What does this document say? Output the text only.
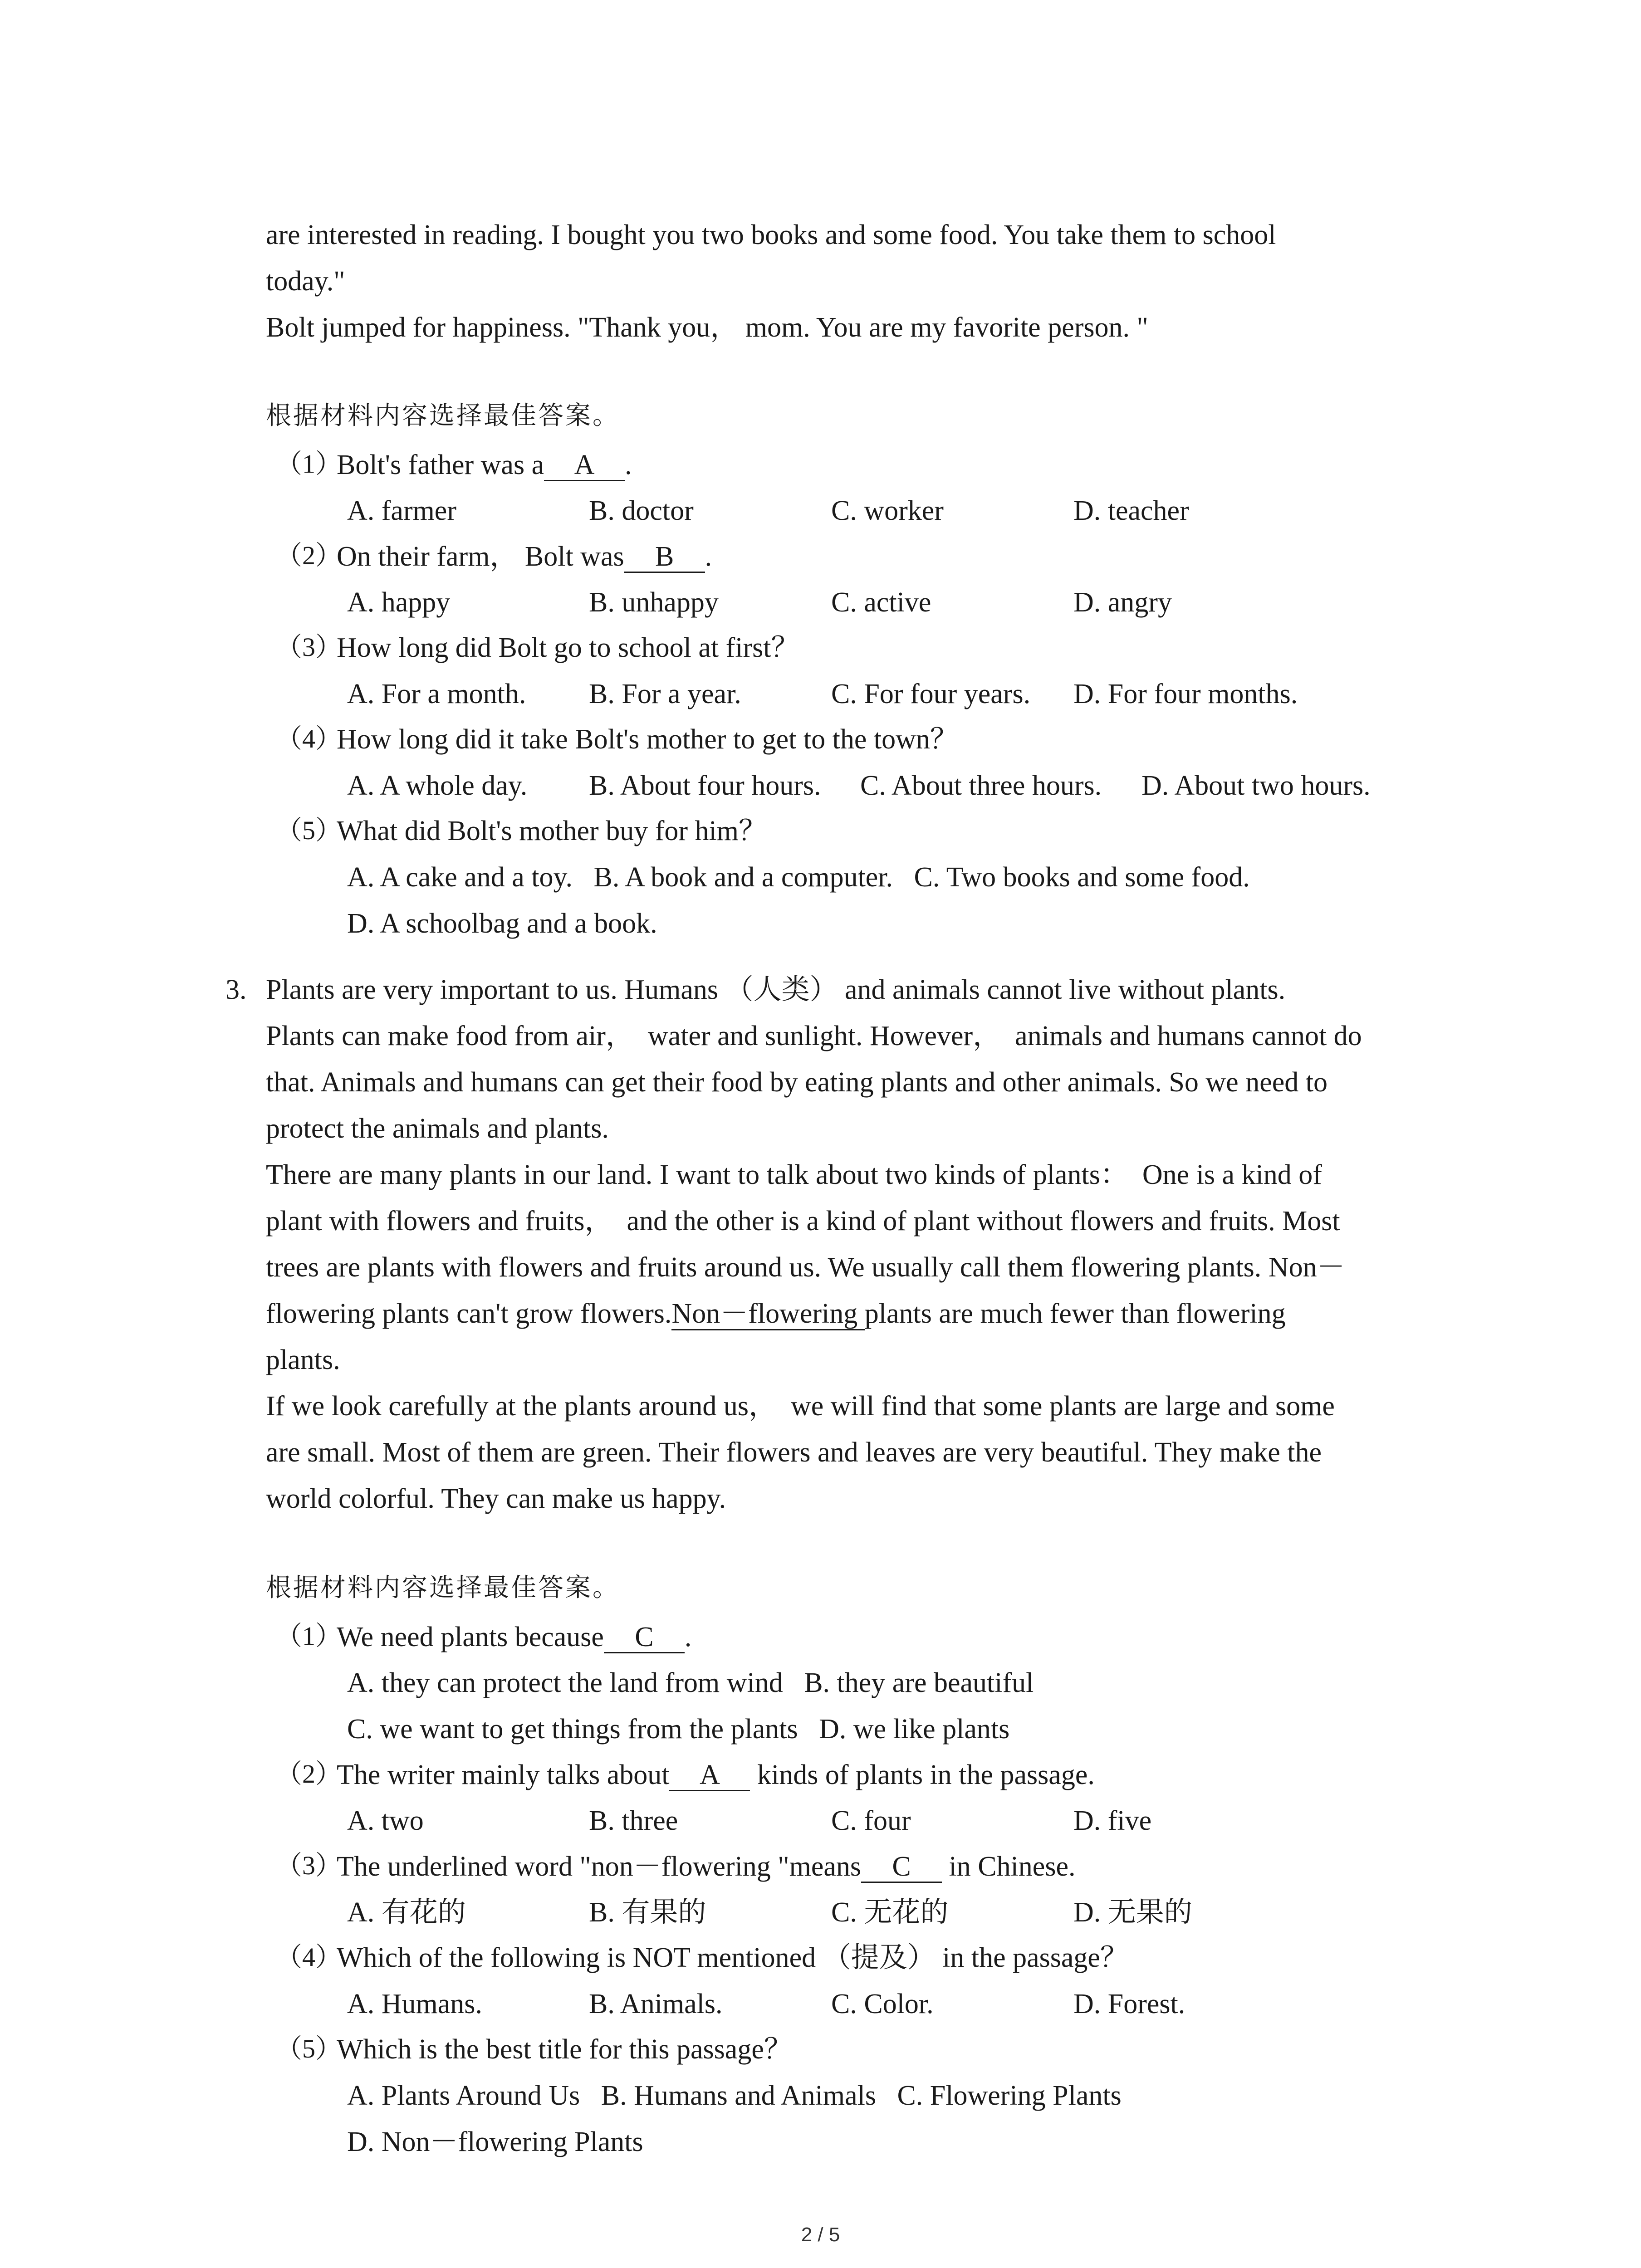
are interested in reading. I bought you two books and some food. You take them to school
today."
Bolt jumped for happiness. "Thank you， mom. You are my favorite person. "
根据材料内容选择最佳答案。
（1）
Bolt's father was a A .
A. farmer	B. doctor	C. worker	D. teacher
（2）
On their farm， Bolt was B .
A. happy	B. unhappy	C. active	D. angry
（3）
How long did Bolt go to school at first？
A. For a month. B. For a year.	C. For four years. D. For four months.
（4）
How long did it take Bolt's mother to get to the town？
A. A whole day. B. About four hours. C. About three hours. D. About two hours.
（5）
What did Bolt's mother buy for him？
A. A cake and a toy.   B. A book and a computer.   C. Two books and some food.
D. A schoolbag and a book.
3. Plants are very important to us. Humans （人类） and animals cannot live without plants.
Plants can make food from air，  water and sunlight. However，  animals and humans cannot do
that. Animals and humans can get their food by eating plants and other animals. So we need to
protect the animals and plants.
There are many plants in our land. I want to talk about two kinds of plants：  One is a kind of
plant with flowers and fruits，  and the other is a kind of plant without flowers and fruits. Most
trees are plants with flowers and fruits around us. We usually call them flowering plants. Non－
flowering plants can't grow flowers.Non－flowering plants are much fewer than flowering
plants.
If we look carefully at the plants around us，  we will find that some plants are large and some
are small. Most of them are green. Their flowers and leaves are very beautiful. They make the
world colorful. They can make us happy.
根据材料内容选择最佳答案。
（1）
We need plants because C .
A. they can protect the land from wind   B. they are beautiful
C. we want to get things from the plants   D. we like plants
（2）
The writer mainly talks about A kinds of plants in the passage.
A. two	B. three	C. four	D. five
（3）
The underlined word "non－flowering "means C in Chinese.
A. 有花的	B. 有果的	C. 无花的	D. 无果的
（4）
Which of the following is NOT mentioned （提及） in the passage？
A. Humans.	B. Animals.	C. Color.	D. Forest.
（5）
Which is the best title for this passage？
A. Plants Around Us   B. Humans and Animals   C. Flowering Plants
D. Non－flowering Plants
2 / 5
